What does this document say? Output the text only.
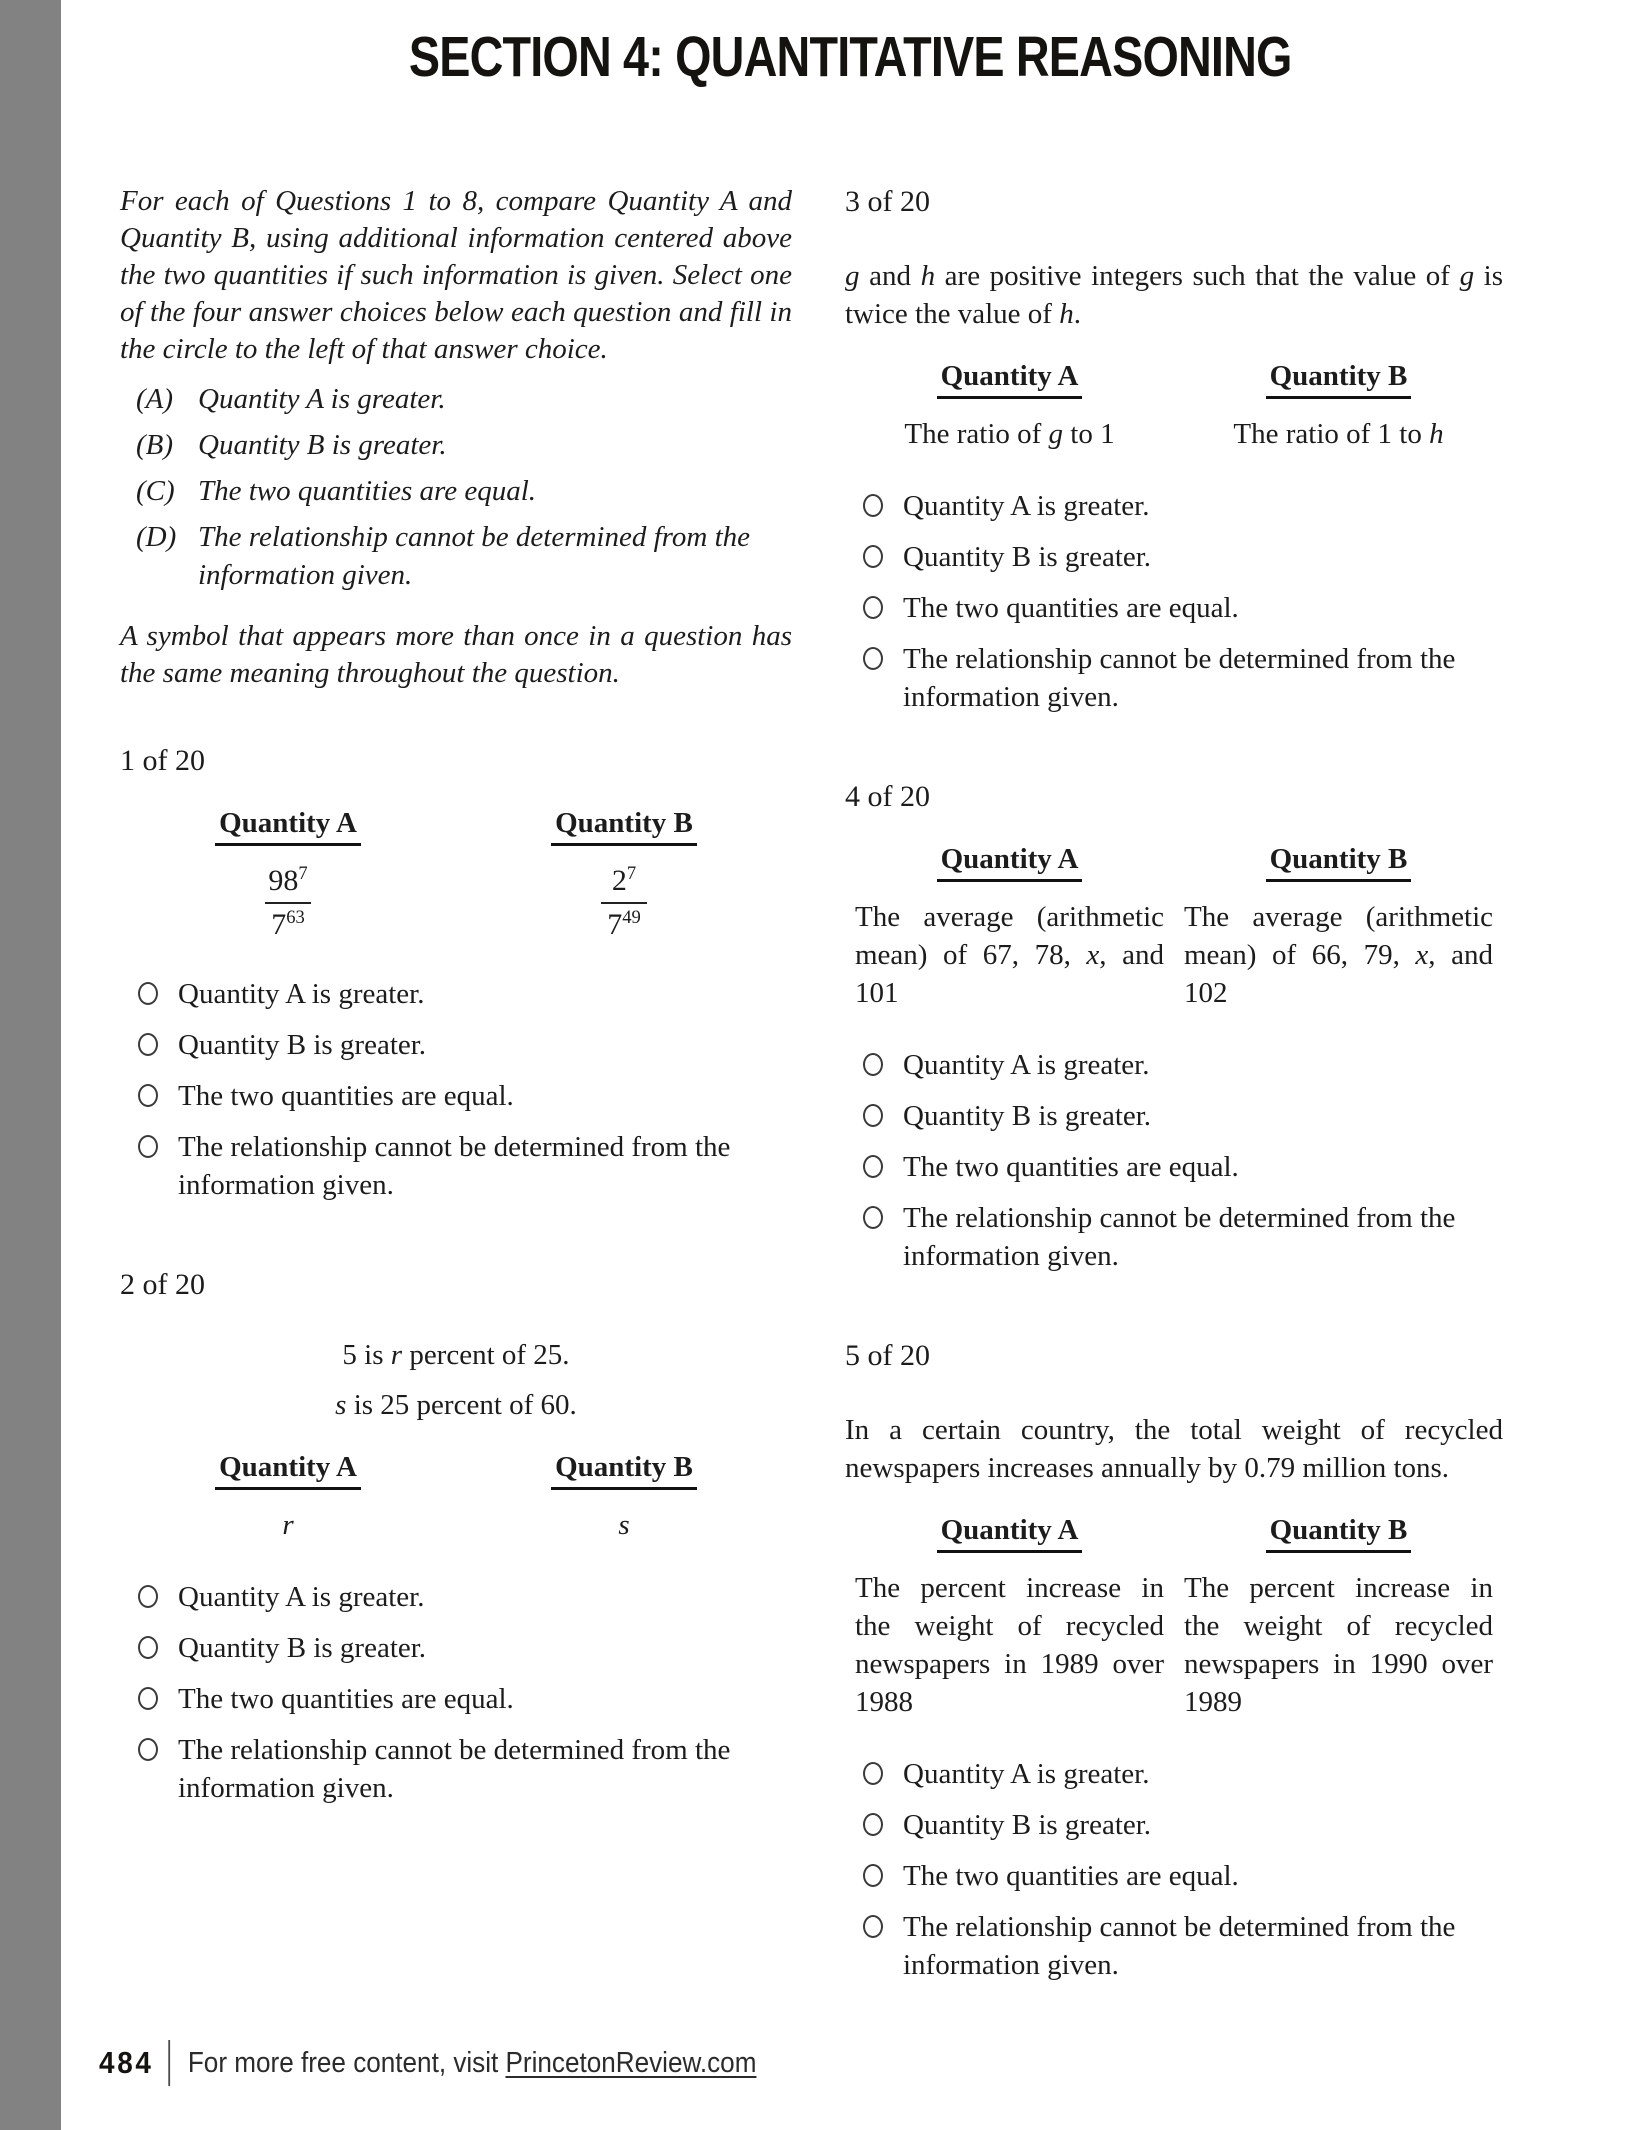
SECTION 4: QUANTITATIVE REASONING

For each of Questions 1 to 8, compare Quantity A and Quantity B, using additional information centered above the two quantities if such information is given. Select one of the four answer choices below each question and fill in the circle to the left of that answer choice.

(A) Quantity A is greater.
(B) Quantity B is greater.
(C) The two quantities are equal.
(D) The relationship cannot be determined from the information given.

A symbol that appears more than once in a question has the same meaning throughout the question.

1 of 20
Quantity A
$\frac{98^7}{7^{63}}$
Quantity B
$\frac{2^7}{7^{49}}$
Quantity A is greater.
Quantity B is greater.
The two quantities are equal.
The relationship cannot be determined from the information given.
2 of 20

5 is r percent of 25.

s is 25 percent of 60.

Quantity A
r
Quantity B
s
Quantity A is greater.
Quantity B is greater.
The two quantities are equal.
The relationship cannot be determined from the information given.
3 of 20

g and h are positive integers such that the value of g is twice the value of h.

Quantity A
The ratio of g to 1
Quantity B
The ratio of 1 to h
Quantity A is greater.
Quantity B is greater.
The two quantities are equal.
The relationship cannot be determined from the information given.
4 of 20
Quantity A

The average (arithmetic mean) of 67, 78, x, and 101

Quantity B

The average (arithmetic mean) of 66, 79, x, and 102

Quantity A is greater.
Quantity B is greater.
The two quantities are equal.
The relationship cannot be determined from the information given.
5 of 20

In a certain country, the total weight of recycled newspapers increases annually by 0.79 million tons.

Quantity A

The percent increase in the weight of recycled newspapers in 1989 over 1988

Quantity B

The percent increase in the weight of recycled newspapers in 1990 over 1989

Quantity A is greater.
Quantity B is greater.
The two quantities are equal.
The relationship cannot be determined from the information given.
484 For more free content, visit PrincetonReview.com
